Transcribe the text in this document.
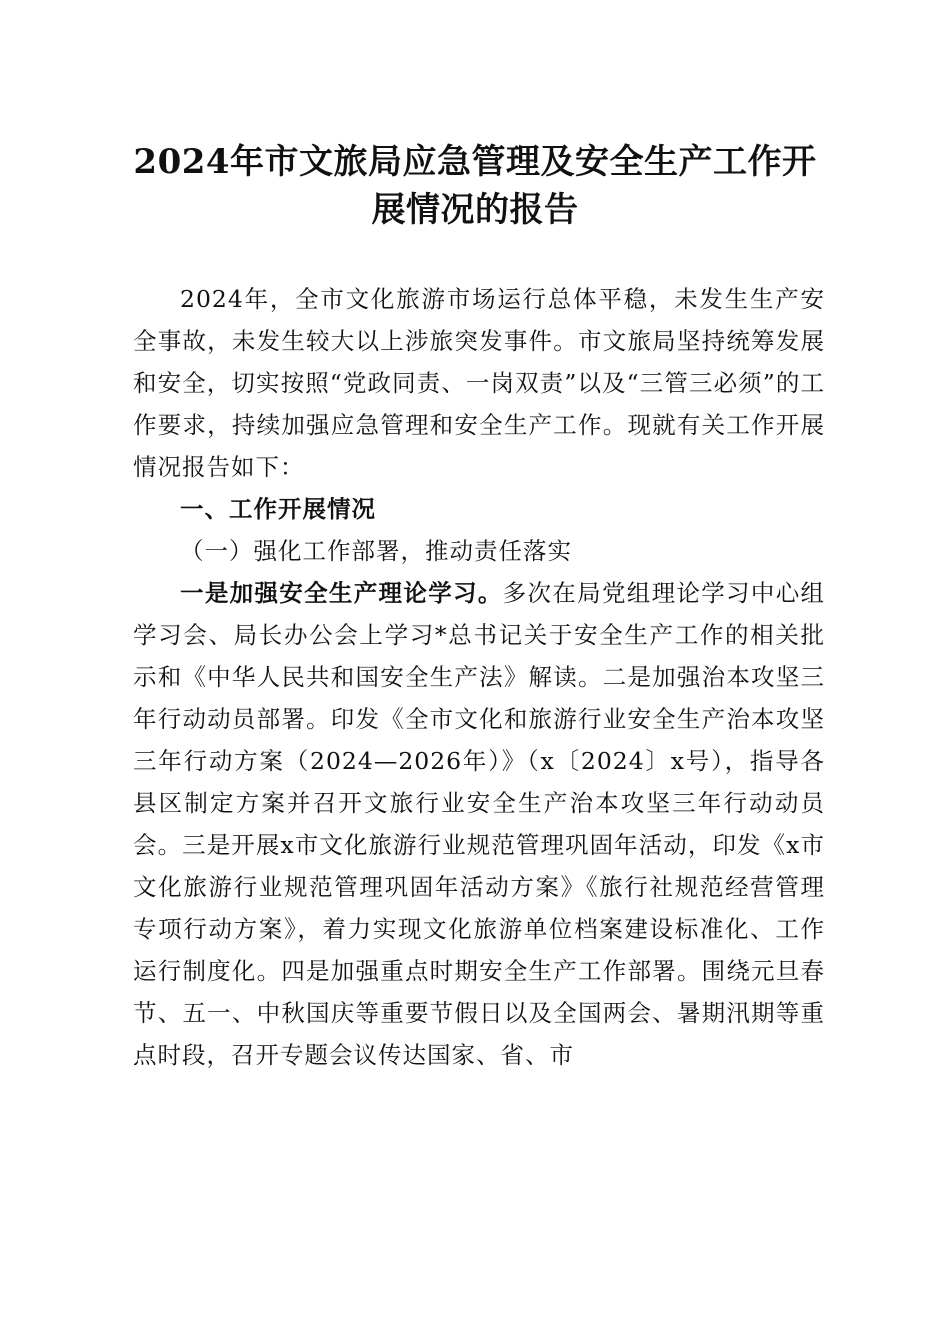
2024年市文旅局应急管理及安全生产工作开展情况的报告

2024年，全市文化旅游市场运行总体平稳，未发生生产安全事故，未发生较大以上涉旅突发事件。市文旅局坚持统筹发展和安全，切实按照“党政同责、一岗双责”以及“三管三必须”的工作要求，持续加强应急管理和安全生产工作。现就有关工作开展情况报告如下：

一、工作开展情况

（一）强化工作部署，推动责任落实

一是加强安全生产理论学习。多次在局党组理论学习中心组学习会、局长办公会上学习*总书记关于安全生产工作的相关批示和《中华人民共和国安全生产法》解读。二是加强治本攻坚三年行动动员部署。印发《全市文化和旅游行业安全生产治本攻坚三年行动方案（2024—2026年）》（x〔2024〕x号），指导各县区制定方案并召开文旅行业安全生产治本攻坚三年行动动员会。三是开展x市文化旅游行业规范管理巩固年活动，印发《x市文化旅游行业规范管理巩固年活动方案》《旅行社规范经营管理专项行动方案》，着力实现文化旅游单位档案建设标准化、工作运行制度化。四是加强重点时期安全生产工作部署。围绕元旦春节、五一、中秋国庆等重要节假日以及全国两会、暑期汛期等重点时段，召开专题会议传达国家、省、市
